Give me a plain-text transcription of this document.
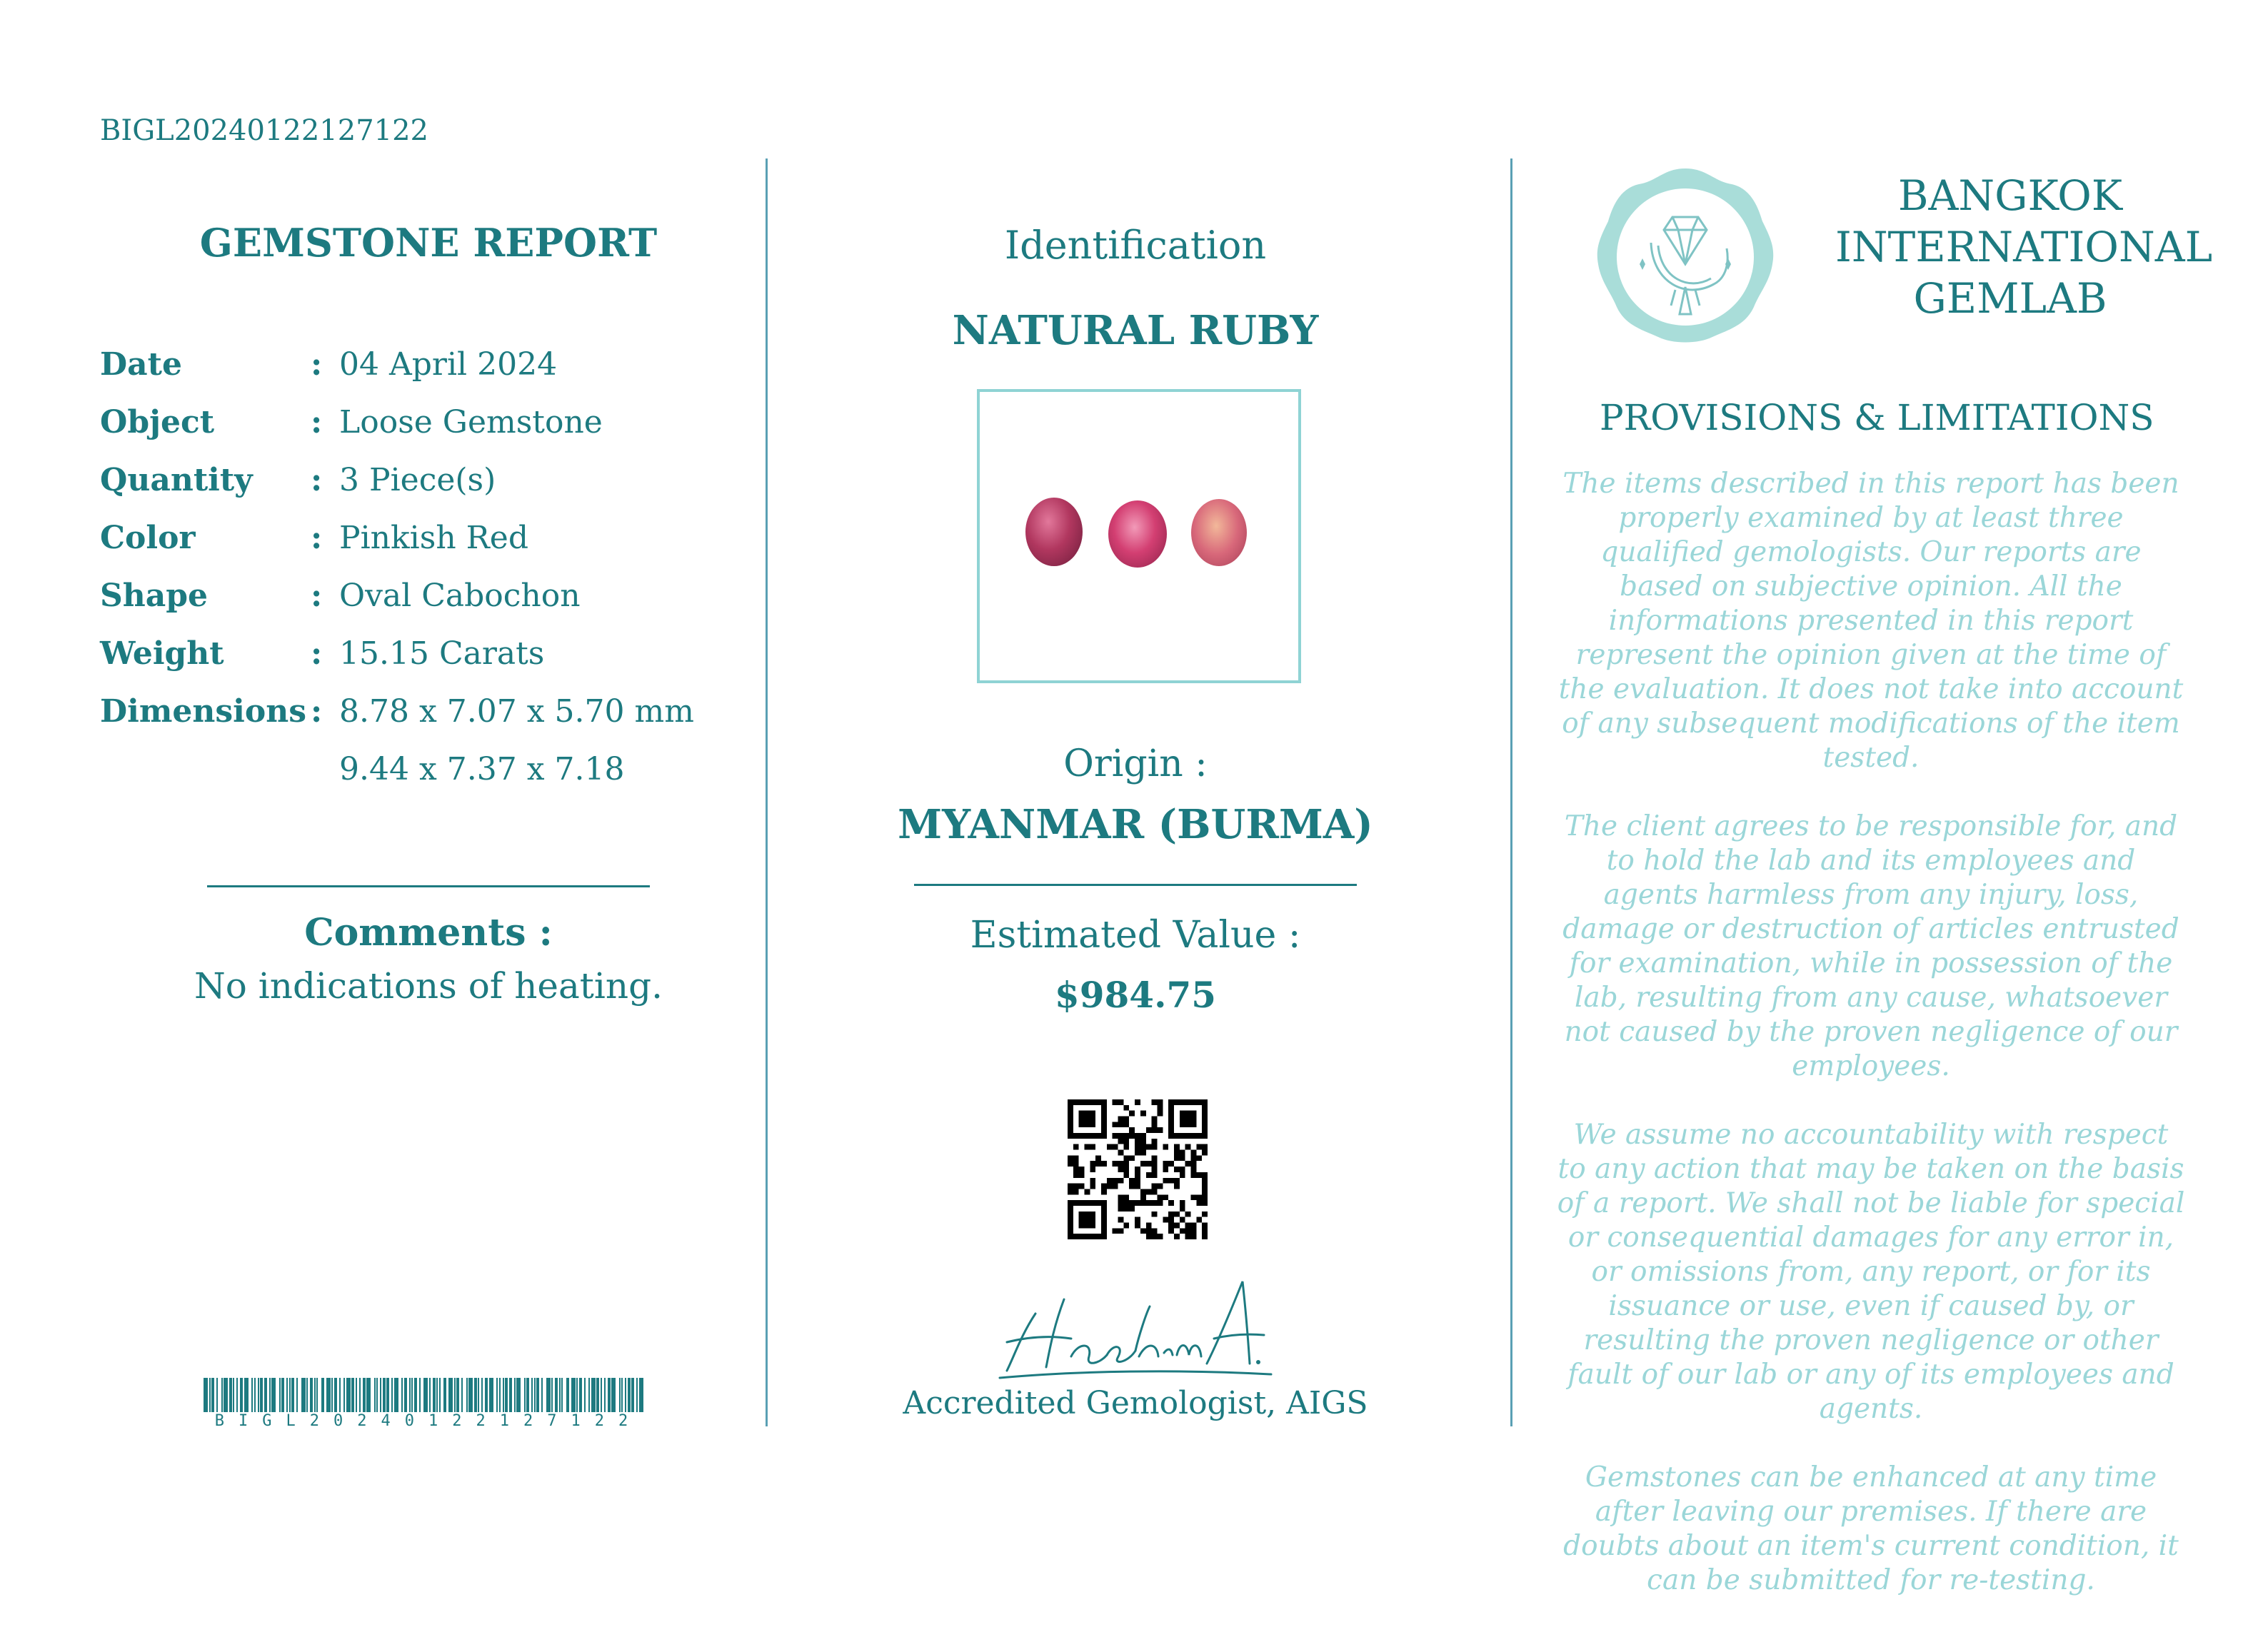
BIGL20240122127122
GEMSTONE REPORT
Date	: 04 April 2024
Object	: Loose Gemstone
Quantity	: 3 Piece(s)
Color	: Pinkish Red
Shape	: Oval Cabochon
Weight	: 15.15 Carats
Dimensions : 8.78 x 7.07 x 5.70 mm
9.44 x 7.37 x 7.18
Comments :
No indications of heating.
BIGL20240122127122
Identification
NATURAL RUBY
Origin :
MYANMAR (BURMA)
Estimated Value :
$984.75
Accredited Gemologist, AIGS
BANGKOK
INTERNATIONAL
GEMLAB
PROVISIONS & LIMITATIONS

The items described in this report has been properly examined by at least three qualified gemologists. Our reports are based on subjective opinion. All the informations presented in this report represent the opinion given at the time of the evaluation. It does not take into account of any subsequent modifications of the item tested.

The client agrees to be responsible for, and to hold the lab and its employees and agents harmless from any injury, loss, damage or destruction of articles entrusted for examination, while in possession of the lab, resulting from any cause, whatsoever not caused by the proven negligence of our employees.

We assume no accountability with respect to any action that may be taken on the basis of a report. We shall not be liable for special or consequential damages for any error in, or omissions from, any report, or for its issuance or use, even if caused by, or resulting the proven negligence or other fault of our lab or any of its employees and agents.

Gemstones can be enhanced at any time after leaving our premises. If there are doubts about an item's current condition, it can be submitted for re-testing.
